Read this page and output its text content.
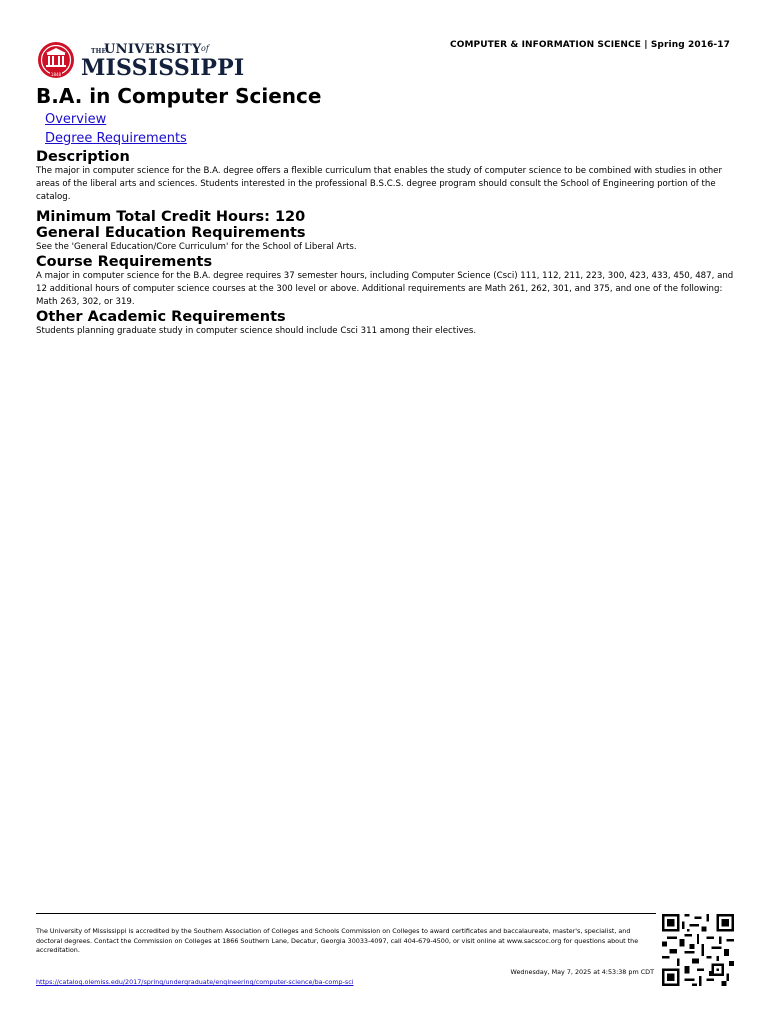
COMPUTER & INFORMATION SCIENCE | Spring 2016-17
1848
THE
UNIVERSITY of
MISSISSIPPI
B.A. in Computer Science
Overview
Degree Requirements
Description

The major in computer science for the B.A. degree offers a flexible curriculum that enables the study of computer science to be combined with studies in other areas of the liberal arts and sciences. Students interested in the professional B.S.C.S. degree program should consult the School of Engineering portion of the catalog.

Minimum Total Credit Hours: 120
General Education Requirements

See the 'General Education/Core Curriculum' for the School of Liberal Arts.

Course Requirements

A major in computer science for the B.A. degree requires 37 semester hours, including Computer Science (Csci) 111, 112, 211, 223, 300, 423, 433, 450, 487, and 12 additional hours of computer science courses at the 300 level or above. Additional requirements are Math 261, 262, 301, and 375, and one of the following: Math 263, 302, or 319.

Other Academic Requirements

Students planning graduate study in computer science should include Csci 311 among their electives.

The University of Mississippi is accredited by the Southern Association of Colleges and Schools Commission on Colleges to award certificates and baccalaureate, master's, specialist, and doctoral degrees. Contact the Commission on Colleges at 1866 Southern Lane, Decatur, Georgia 30033-4097, call 404-679-4500, or visit online at www.sacscoc.org for questions about the accreditation.

Wednesday, May 7, 2025 at 4:53:38 pm CDT
https://catalog.olemiss.edu/2017/spring/undergraduate/engineering/computer-science/ba-comp-sci
